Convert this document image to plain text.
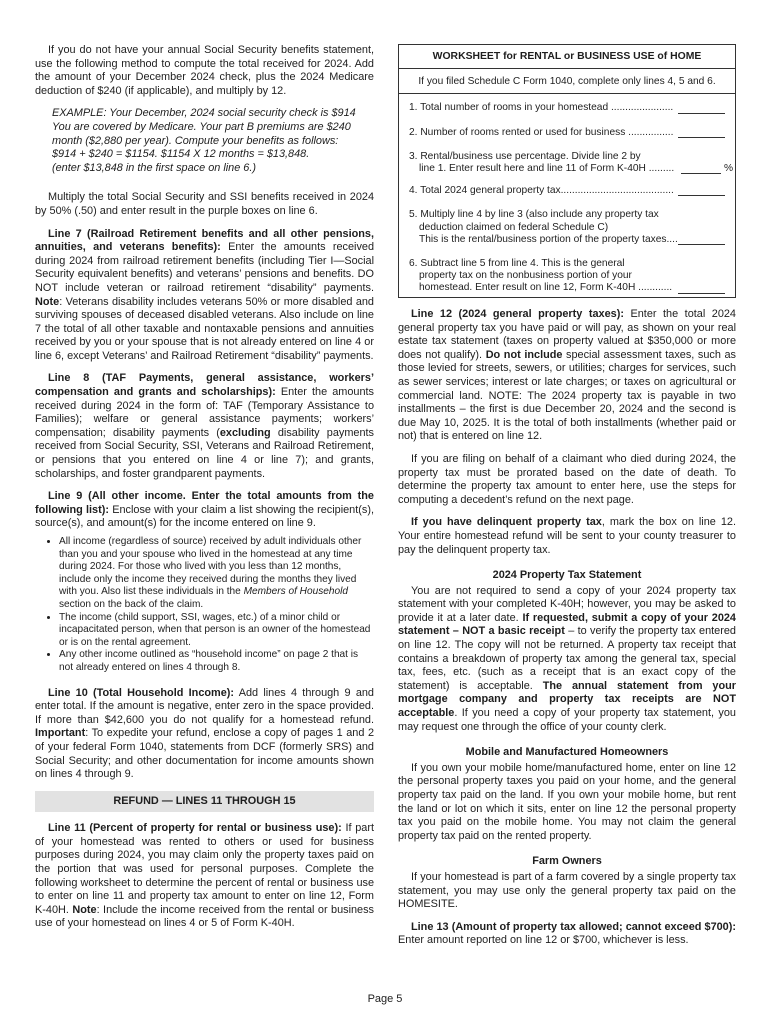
If you do not have your annual Social Security benefits statement, use the following method to compute the total received for 2024. Add the amount of your December 2024 check, plus the 2024 Medicare deduction of $240 (if applicable), and multiply by 12.

EXAMPLE: Your December, 2024 social security check is $914 You are covered by Medicare. Your part B premiums are $240 month ($2,880 per year). Compute your benefits as follows:
$914 + $240 = $1154. $1154 X 12 months = $13,848.
(enter $13,848 in the first space on line 6.)

Multiply the total Social Security and SSI benefits received in 2024 by 50% (.50) and enter result in the purple boxes on line 6.

Line 7 (Railroad Retirement benefits and all other pensions, annuities, and veterans benefits): Enter the amounts received during 2024 from railroad retirement benefits (including Tier I—Social Security equivalent benefits) and veterans’ pensions and benefits. DO NOT include veteran or railroad retirement “disability” payments. Note: Veterans disability includes veterans 50% or more disabled and surviving spouses of deceased disabled veterans. Also include on line 7 the total of all other taxable and nontaxable pensions and annuities received by you or your spouse that is not already entered on line 4 or line 6, except Veterans’ and Railroad Retirement “disability” payments.

Line 8 (TAF Payments, general assistance, workers’ compensation and grants and scholarships): Enter the amounts received during 2024 in the form of: TAF (Temporary Assistance to Families); welfare or general assistance payments; workers’ compensation; disability payments (excluding disability payments received from Social Security, SSI, Veterans and Railroad Retirement, or pensions that you entered on line 4 or line 7); and grants, scholarships, and foster grandparent payments.

Line 9 (All other income. Enter the total amounts from the following list): Enclose with your claim a list showing the recipient(s), source(s), and amount(s) for the income entered on line 9.

• All income (regardless of source) received by adult individuals other than you and your spouse who lived in the homestead at any time during 2024. For those who lived with you less than 12 months, include only the income they received during the months they lived with you. Also list these individuals in the Members of Household section on the back of the claim.
• The income (child support, SSI, wages, etc.) of a minor child or incapacitated person, when that person is an owner of the homestead or is on the rental agreement.
• Any other income outlined as “household income” on page 2 that is not already entered on lines 4 through 8.

Line 10 (Total Household Income): Add lines 4 through 9 and enter total. If the amount is negative, enter zero in the space provided. If more than $42,600 you do not qualify for a homestead refund. Important: To expedite your refund, enclose a copy of pages 1 and 2 of your federal Form 1040, statements from DCF (formerly SRS) and Social Security; and other documentation for income amounts shown on lines 4 through 9.

REFUND — LINES 11 THROUGH 15

Line 11 (Percent of property for rental or business use): If part of your homestead was rented to others or used for business purposes during 2024, you may claim only the property taxes paid on the portion that was used for personal purposes. Complete the following worksheet to determine the percent of rental or business use to enter on line 11 and property tax amount to enter on line 12, Form K-40H. Note: Include the income received from the rental or business use of your homestead on lines 4 or 5 of Form K-40H.

WORKSHEET for RENTAL or BUSINESS USE of HOME
If you filed Schedule C Form 1040, complete only lines 4, 5 and 6.
1. Total number of rooms in your homestead ......................
2. Number of rooms rented or used for business ................
3. Rental/business use percentage. Divide line 2 by
line 1. Enter result here and line 11 of Form K-40H .........	%
4. Total 2024 general property tax........................................
5. Multiply line 4 by line 3 (also include any property tax
deduction claimed on federal Schedule C)
This is the rental/business portion of the property taxes....
6. Subtract line 5 from line 4. This is the general
property tax on the nonbusiness portion of your
homestead. Enter result on line 12, Form K-40H ............

Line 12 (2024 general property taxes): Enter the total 2024 general property tax you have paid or will pay, as shown on your real estate tax statement (taxes on property valued at $350,000 or more does not qualify). Do not include special assessment taxes, such as those levied for streets, sewers, or utilities; charges for services, such as sewer services; interest or late charges; or taxes on agricultural or commercial land. NOTE: The 2024 property tax is payable in two installments – the first is due December 20, 2024 and the second is due May 10, 2025. It is the total of both installments (whether paid or not) that is entered on line 12.

If you are filing on behalf of a claimant who died during 2024, the property tax must be prorated based on the date of death. To determine the property tax amount to enter here, use the steps for computing a decedent’s refund on the next page.

If you have delinquent property tax, mark the box on line 12. Your entire homestead refund will be sent to your county treasurer to pay the delinquent property tax.

2024 Property Tax Statement

You are not required to send a copy of your 2024 property tax statement with your completed K-40H; however, you may be asked to provide it at a later date. If requested, submit a copy of your 2024 statement – NOT a basic receipt – to verify the property tax entered on line 12. The copy will not be returned. A property tax receipt that contains a breakdown of property tax among the general tax, special tax, fees, etc. (such as a receipt that is an exact copy of the statement) is acceptable. The annual statement from your mortgage company and property tax receipts are NOT acceptable. If you need a copy of your property tax statement, you may request one through the office of your county clerk.

Mobile and Manufactured Homeowners

If you own your mobile home/manufactured home, enter on line 12 the personal property taxes you paid on your home, and the general property tax paid on the land. If you own your mobile home, but rent the land or lot on which it sits, enter on line 12 the personal property tax you paid on the mobile home. You may not claim the general property tax paid on the rented property.

Farm Owners

If your homestead is part of a farm covered by a single property tax statement, you may use only the general property tax paid on the HOMESITE.

Line 13 (Amount of property tax allowed; cannot exceed $700): Enter amount reported on line 12 or $700, whichever is less.

Page 5
